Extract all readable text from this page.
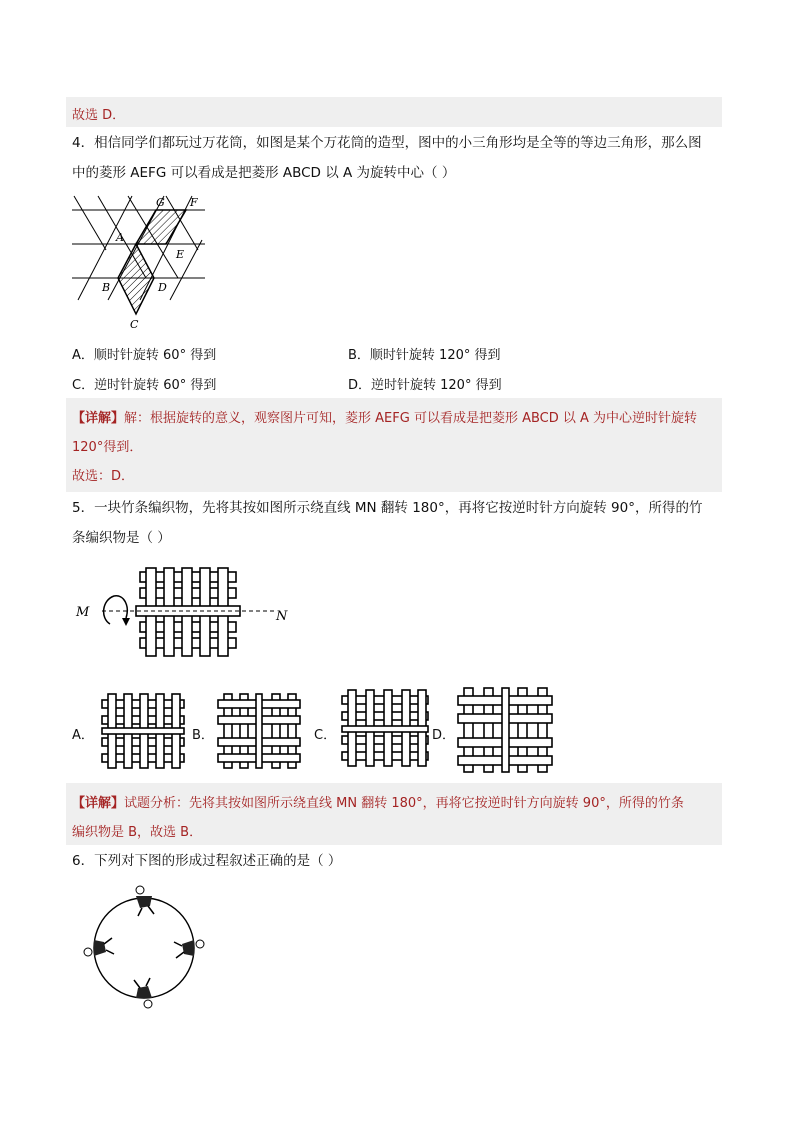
故选 D．
4．相信同学们都玩过万花筒，如图是某个万花筒的造型，图中的小三角形均是全等的等边三角形，那么图
中的菱形 AEFG 可以看成是把菱形 ABCD 以 A 为旋转中心（ ）
G F
A
E
B	D
C
A．顺时针旋转 60° 得到	B．顺时针旋转 120° 得到
C．逆时针旋转 60° 得到	D．逆时针旋转 120° 得到
【详解】解：根据旋转的意义，观察图片可知，菱形 AEFG 可以看成是把菱形 ABCD 以 A 为中心逆时针旋转
120°得到．
故选：D．
5．一块竹条编织物，先将其按如图所示绕直线 MN 翻转 180°，再将它按逆时针方向旋转 90°，所得的竹
条编织物是（ ）
M	N
A．	B．	C．	D．
【详解】试题分析：先将其按如图所示绕直线 MN 翻转 180°，再将它按逆时针方向旋转 90°，所得的竹条
编织物是 B，故选 B．
6．下列对下图的形成过程叙述正确的是（ ）
